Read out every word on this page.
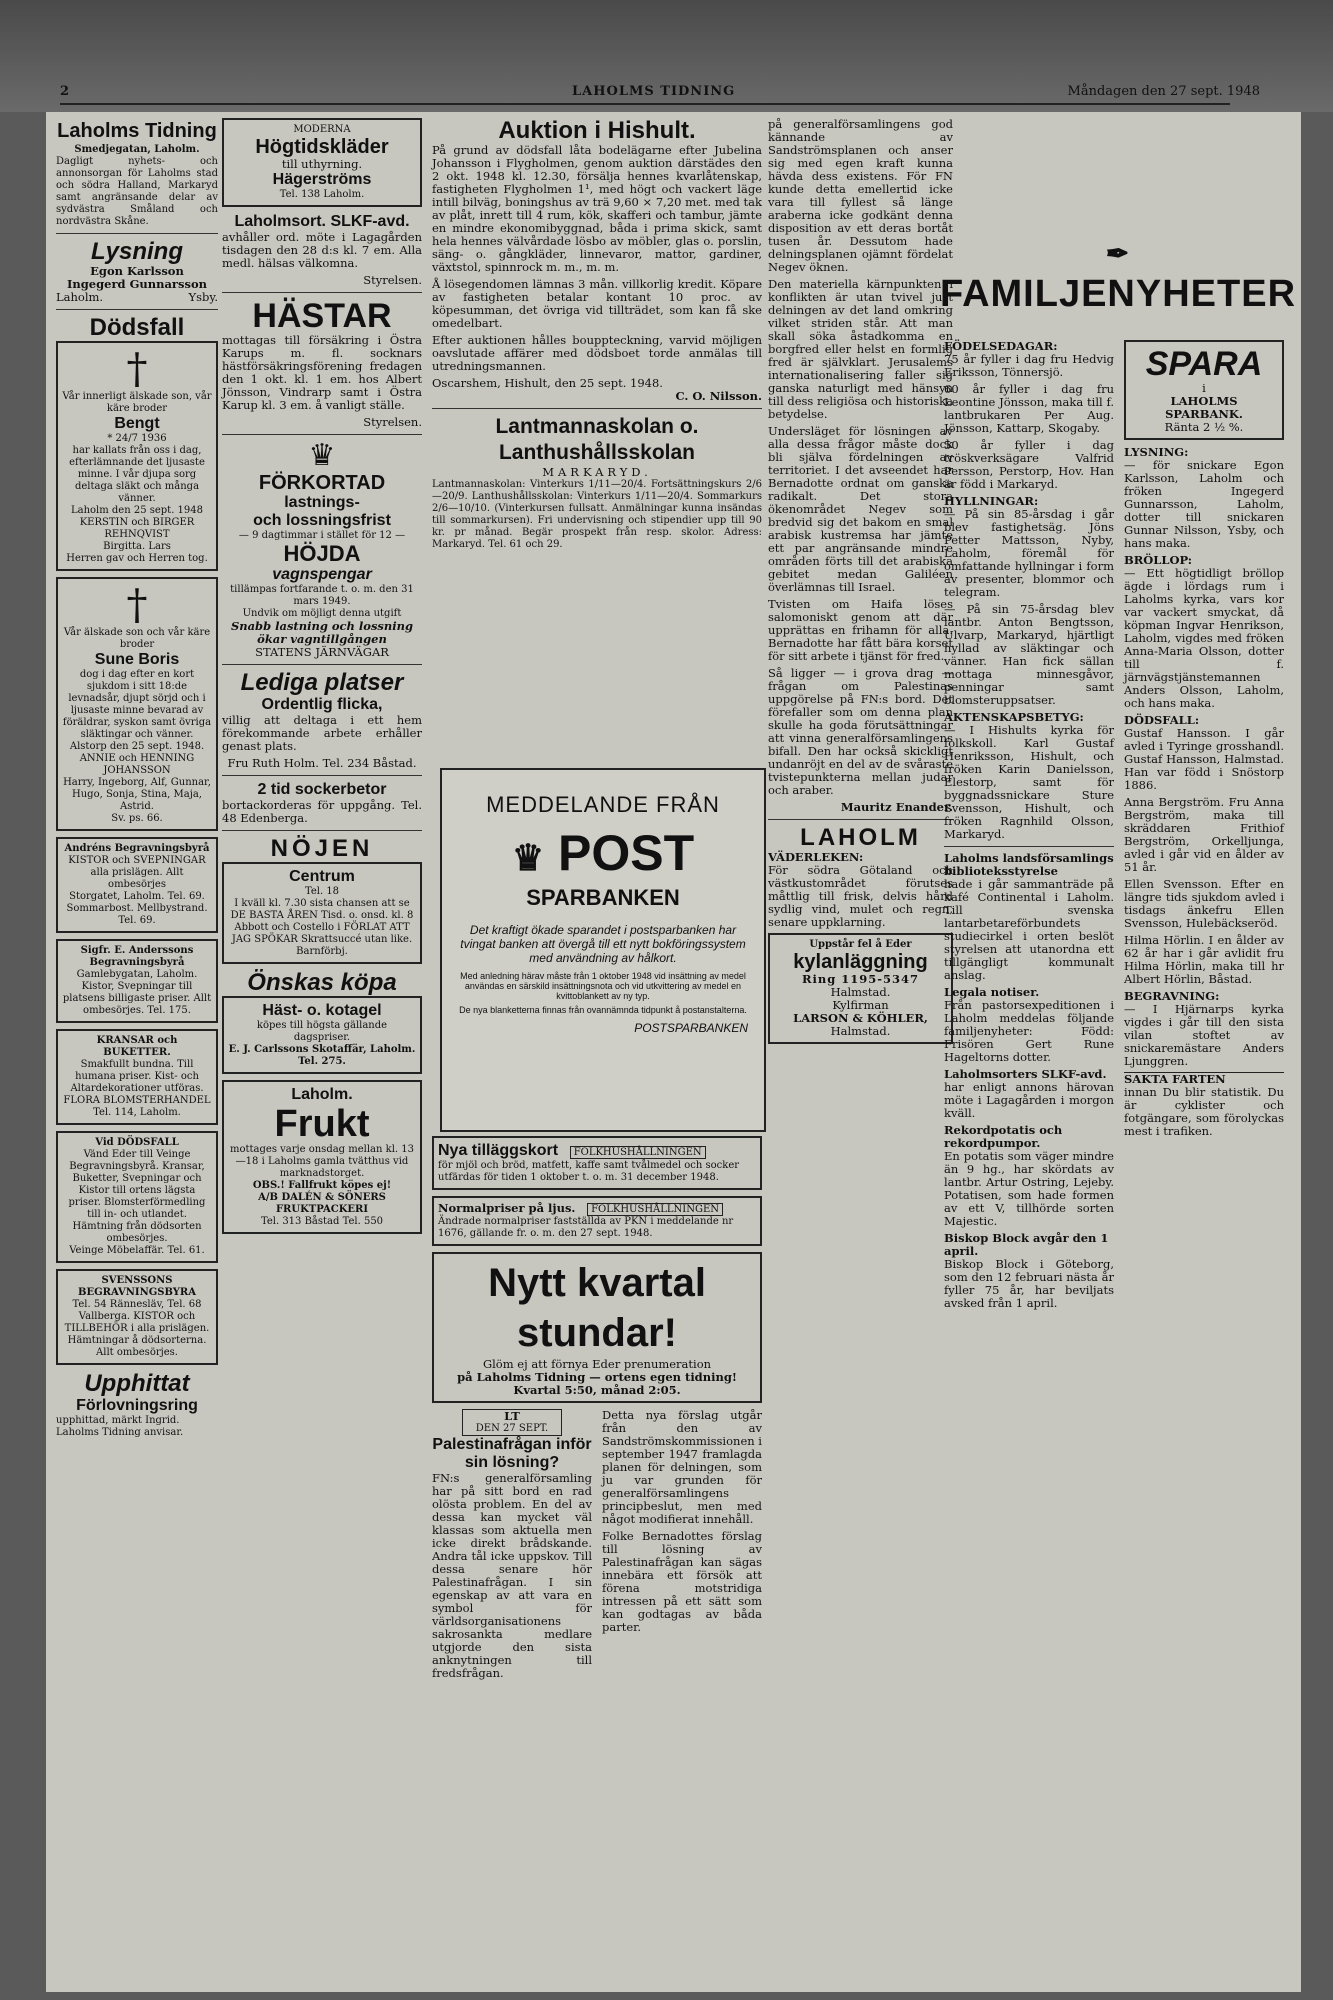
2	LAHOLMS TIDNING	Måndagen den 27 sept. 1948
Laholms Tidning
Smedjegatan, Laholm.

Dagligt nyhets- och annonsorgan för Laholms stad och södra Halland, Markaryd samt angränsande delar av sydvästra Småland och nordvästra Skåne.

Lysning
Egon Karlsson
Ingegerd Gunnarsson
Laholm.	Ysby.
Dödsfall
†
Vår innerligt älskade son, vår käre broder
Bengt
* 24/7 1936
har kallats från oss i dag, efterlämnande det ljusaste minne. I vår djupa sorg deltaga släkt och många vänner.
Laholm den 25 sept. 1948
KERSTIN och BIRGER REHNQVIST
Birgitta. Lars
Herren gav och Herren tog.
†
Vår älskade son och vår käre broder
Sune Boris
dog i dag efter en kort sjukdom i sitt 18:de levnadsår, djupt sörjd och i ljusaste minne bevarad av föräldrar, syskon samt övriga släktingar och vänner.
Alstorp den 25 sept. 1948.
ANNIE och HENNING JOHANSSON
Harry, Ingeborg, Alf, Gunnar, Hugo, Sonja, Stina, Maja, Astrid.
Sv. ps. 66.
Andréns Begravningsbyrå
KISTOR och SVEPNINGAR alla prislägen. Allt ombesörjes
Storgatet, Laholm. Tel. 69.
Sommarbost. Mellbystrand. Tel. 69.
Sigfr. E. Anderssons Begravningsbyrå
Gamlebygatan, Laholm.
Kistor, Svepningar till platsens billigaste priser. Allt ombesörjes. Tel. 175.
KRANSAR och BUKETTER.
Smakfullt bundna. Till humana priser. Kist- och Altardekorationer utföras.
FLORA BLOMSTERHANDEL Tel. 114, Laholm.
Vid DÖDSFALL
Vänd Eder till Veinge Begravningsbyrå. Kransar, Buketter, Svepningar och Kistor till ortens lägsta priser. Blomsterförmedling till in- och utlandet. Hämtning från dödsorten ombesörjes.
Veinge Möbelaffär. Tel. 61.
SVENSSONS BEGRAVNINGSBYRA
Tel. 54 Rännesläv, Tel. 68 Vallberga. KISTOR och TILLBEHÖR i alla prislägen. Hämtningar å dödsorterna. Allt ombesörjes.
Upphittat
Förlovningsring
upphittad, märkt Ingrid. Laholms Tidning anvisar.
MODERNA
Högtidskläder
till uthyrning.
Hägerströms
Tel. 138 Laholm.
Laholmsort. SLKF-avd.

avhåller ord. möte i Lagagården tisdagen den 28 d:s kl. 7 em. Alla medl. hälsas välkomna.

Styrelsen.
HÄSTAR

mottagas till försäkring i Östra Karups m. fl. socknars hästförsäkringsförening fredagen den 1 okt. kl. 1 em. hos Albert Jönsson, Vindrarp samt i Östra Karup kl. 3 em. å vanligt ställe.

Styrelsen.
♛
FÖRKORTAD
lastnings-
och lossningsfrist
— 9 dagtimmar i stället för 12 —
HÖJDA
vagnspengar
tillämpas fortfarande t. o. m. den 31 mars 1949.
Undvik om möjligt denna utgift
Snabb lastning och lossning ökar vagntillgången
STATENS JÄRNVÄGAR
Lediga platser
Ordentlig flicka,

villig att deltaga i ett hem förekommande arbete erhåller genast plats.

Fru Ruth Holm. Tel. 234 Båstad.
2 tid sockerbetor

bortackorderas för uppgång. Tel. 48 Edenberga.

NÖJEN
Centrum
Tel. 18
I kväll kl. 7.30 sista chansen att se DE BASTA ÅREN Tisd. o. onsd. kl. 8 Abbott och Costello i FÖRLAT ATT JAG SPÖKAR Skrattsuccé utan like. Barnförbj.
Önskas köpa
Häst- o. kotagel
köpes till högsta gällande dagspriser.
E. J. Carlssons Skotaffär, Laholm. Tel. 275.
Laholm.
Frukt
mottages varje onsdag mellan kl. 13—18 i Laholms gamla tvätthus vid marknadstorget.
OBS.! Fallfrukt köpes ej!
A/B DALÉN & SÖNERS FRUKTPACKERI
Tel. 313 Båstad Tel. 550
Auktion i Hishult.

På grund av dödsfall låta bodelägarne efter Jubelina Johansson i Flygholmen, genom auktion därstädes den 2 okt. 1948 kl. 12.30, försälja hennes kvarlåtenskap, fastigheten Flygholmen 1¹, med högt och vackert läge intill bilväg, boningshus av trä 9,60 × 7,20 met. med tak av plåt, inrett till 4 rum, kök, skafferi och tambur, jämte en mindre ekonomibyggnad, båda i prima skick, samt hela hennes välvårdade lösbo av möbler, glas o. porslin, säng- o. gångkläder, linnevaror, mattor, gardiner, växtstol, spinnrock m. m., m. m.

Å lösegendomen lämnas 3 mån. villkorlig kredit. Köpare av fastigheten betalar kontant 10 proc. av köpesumman, det övriga vid tillträdet, som kan få ske omedelbart.

Efter auktionen hålles bouppteckning, varvid möjligen oavslutade affärer med dödsboet torde anmälas till utredningsmannen.

Oscarshem, Hishult, den 25 sept. 1948.
C. O. Nilsson.
Lantmannaskolan o. Lanthushållsskolan
MARKARYD.

Lantmannaskolan: Vinterkurs 1/11—20/4. Fortsättningskurs 2/6—20/9. Lanthushållsskolan: Vinterkurs 1/11—20/4. Sommarkurs 2/6—10/10. (Vinterkursen fullsatt. Anmälningar kunna insändas till sommarkursen). Fri undervisning och stipendier upp till 90 kr. pr månad. Begär prospekt från resp. skolor. Adress: Markaryd. Tel. 61 och 29.

MEDDELANDE FRÅN
♛ POST
SPARBANKEN
Det kraftigt ökade sparandet i postsparbanken har tvingat banken att övergå till ett nytt bokföringssystem med användning av hålkort.
Med anledning härav måste från 1 oktober 1948 vid insättning av medel användas en särskild insättningsnota och vid utkvittering av medel en kvittoblankett av ny typ.
De nya blanketterna finnas från ovannämnda tidpunkt å postanstalterna.
POSTSPARBANKEN
Nya tilläggskort FOLKHUSHÅLLNINGEN
för mjöl och bröd, matfett, kaffe samt tvålmedel och socker utfärdas för tiden 1 oktober t. o. m. 31 december 1948.
Normalpriser på ljus. FOLKHUSHÅLLNINGEN
Ändrade normalpriser fastställda av PKN i meddelande nr 1676, gällande fr. o. m. den 27 sept. 1948.
Nytt kvartal stundar!
Glöm ej att förnya Eder prenumeration
på Laholms Tidning — ortens egen tidning!
Kvartal 5:50, månad 2:05.
LT
DEN 27 SEPT.
Palestinafrågan inför sin lösning?

FN:s generalförsamling har på sitt bord en rad olösta problem. En del av dessa kan mycket väl klassas som aktuella men icke direkt brådskande. Andra tål icke uppskov. Till dessa senare hör Palestinafrågan. I sin egenskap av att vara en symbol för världsorganisationens sakrosankta medlare utgjorde den sista anknytningen till fredsfrågan.

Detta nya förslag utgår från den av Sandströmskommissionen i september 1947 framlagda planen för delningen, som ju var grunden för generalförsamlingens principbeslut, men med något modifierat innehåll.

Folke Bernadottes förslag till lösning av Palestinafrågan kan sägas innebära ett försök att förena motstridiga intressen på ett sätt som kan godtagas av båda parter.

på generalförsamlingens god kännande av Sandströmsplanen och anser sig med egen kraft kunna hävda dess existens. För FN kunde detta emellertid icke vara till fyllest så länge araberna icke godkänt denna disposition av ett deras bortåt tusen år. Dessutom hade delningsplanen ojämnt fördelat Negev öknen.

Den materiella kärnpunkten i konflikten är utan tvivel just delningen av det land omkring vilket striden står. Att man skall söka åstadkomma en borgfred eller helst en formlig fred är självklart. Jerusalems internationalisering faller sig ganska naturligt med hänsyn till dess religiösa och historiska betydelse.

Undersläget för lösningen av alla dessa frågor måste dock bli själva fördelningen av territoriet. I det avseendet har Bernadotte ordnat om ganska radikalt. Det stora ökenområdet Negev som bredvid sig det bakom en smal arabisk kustremsa har jämte ett par angränsande mindre områden förts till det arabiska gebitet medan Galiléen överlämnas till Israel.

Tvisten om Haifa löses salomoniskt genom att där upprättas en frihamn för alla. Bernadotte har fått bära korset för sitt arbete i tjänst för fred.

Så ligger — i grova drag — frågan om Palestinas uppgörelse på FN:s bord. Det förefaller som om denna plan skulle ha goda förutsättningar att vinna generalförsamlingens bifall. Den har också skickligt undanröjt en del av de svåraste tvistepunkterna mellan judar och araber.

Mauritz Enander.
LAHOLM
VÄDERLEKEN:

För södra Götaland och västkustområdet förutses måttlig till frisk, delvis hård sydlig vind, mulet och regn, senare uppklarning.

Uppstår fel å Eder
kylanläggning
Ring 1195-5347
Halmstad.
Kylfirman
LARSON & KÖHLER,
Halmstad.
✒ FAMILJENYHETER
FÖDELSEDAGAR:

75 år fyller i dag fru Hedvig Eriksson, Tönnersjö.

60 år fyller i dag fru Leontine Jönsson, maka till f. lantbrukaren Per Aug. Jönsson, Kattarp, Skogaby.

50 år fyller i dag tröskverksägare Valfrid Persson, Perstorp, Hov. Han är född i Markaryd.

HYLLNINGAR:

— På sin 85-årsdag i går blev fastighetsäg. Jöns Petter Mattsson, Nyby, Laholm, föremål för omfattande hyllningar i form av presenter, blommor och telegram.

— På sin 75-årsdag blev lantbr. Anton Bengtsson, Ulvarp, Markaryd, hjärtligt hyllad av släktingar och vänner. Han fick sällan mottaga minnesgåvor, penningar samt blomsteruppsatser.

AKTENSKAPSBETYG:

— I Hishults kyrka för folkskoll. Karl Gustaf Henriksson, Hishult, och fröken Karin Danielsson, Elestorp, samt för byggnadssnickare Sture Svensson, Hishult, och fröken Ragnhild Olsson, Markaryd.

Laholms landsförsamlings biblioteksstyrelse

hade i går sammanträde på kafé Continental i Laholm. Till svenska lantarbetareförbundets studiecirkel i orten beslöt styrelsen att utanordna ett tillgängligt kommunalt anslag.

Legala notiser.

Från pastorsexpeditionen i Laholm meddelas följande familjenyheter: Född: Frisören Gert Rune Hageltorns dotter.

Laholmsorters SLKF-avd.

har enligt annons härovan möte i Lagagården i morgon kväll.

Rekordpotatis och rekordpumpor.

En potatis som väger mindre än 9 hg., har skördats av lantbr. Artur Ostring, Lejeby. Potatisen, som hade formen av ett V, tillhörde sorten Majestic.

Biskop Block avgår den 1 april.

Biskop Block i Göteborg, som den 12 februari nästa år fyller 75 år, har beviljats avsked från 1 april.

SPARA
i
LAHOLMS SPARBANK.
Ränta 2 ½ %.
LYSNING:

— för snickare Egon Karlsson, Laholm och fröken Ingegerd Gunnarsson, Laholm, dotter till snickaren Gunnar Nilsson, Ysby, och hans maka.

BRÖLLOP:

— Ett högtidligt bröllop ägde i lördags rum i Laholms kyrka, vars kor var vackert smyckat, då köpman Ingvar Henrikson, Laholm, vigdes med fröken Anna-Maria Olsson, dotter till f. järnvägstjänstemannen Anders Olsson, Laholm, och hans maka.

DÖDSFALL:

Gustaf Hansson. I går avled i Tyringe grosshandl. Gustaf Hansson, Halmstad. Han var född i Snöstorp 1886.

Anna Bergström. Fru Anna Bergström, maka till skräddaren Frithiof Bergström, Orkelljunga, avled i går vid en ålder av 51 år.

Ellen Svensson. Efter en längre tids sjukdom avled i tisdags änkefru Ellen Svensson, Hulebäckseröd.

Hilma Hörlin. I en ålder av 62 år har i går avlidit fru Hilma Hörlin, maka till hr Albert Hörlin, Båstad.

BEGRAVNING:

— I Hjärnarps kyrka vigdes i går till den sista vilan stoftet av snickaremästare Anders Ljunggren.

SAKTA FARTEN

innan Du blir statistik. Du är cyklister och fotgängare, som förolyckas mest i trafiken.
